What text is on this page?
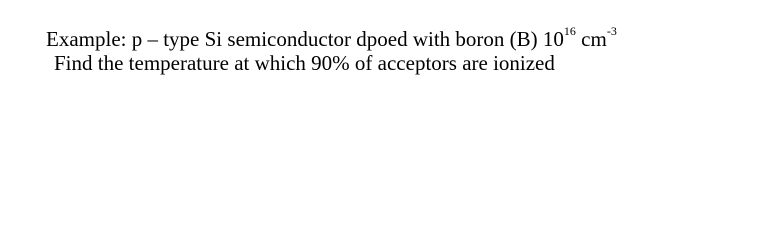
Example: p – type Si semiconductor dpoed with boron (B) $10^{16}$ $cm^{-3}$
Find the temperature at which 90% of acceptors are ionized
